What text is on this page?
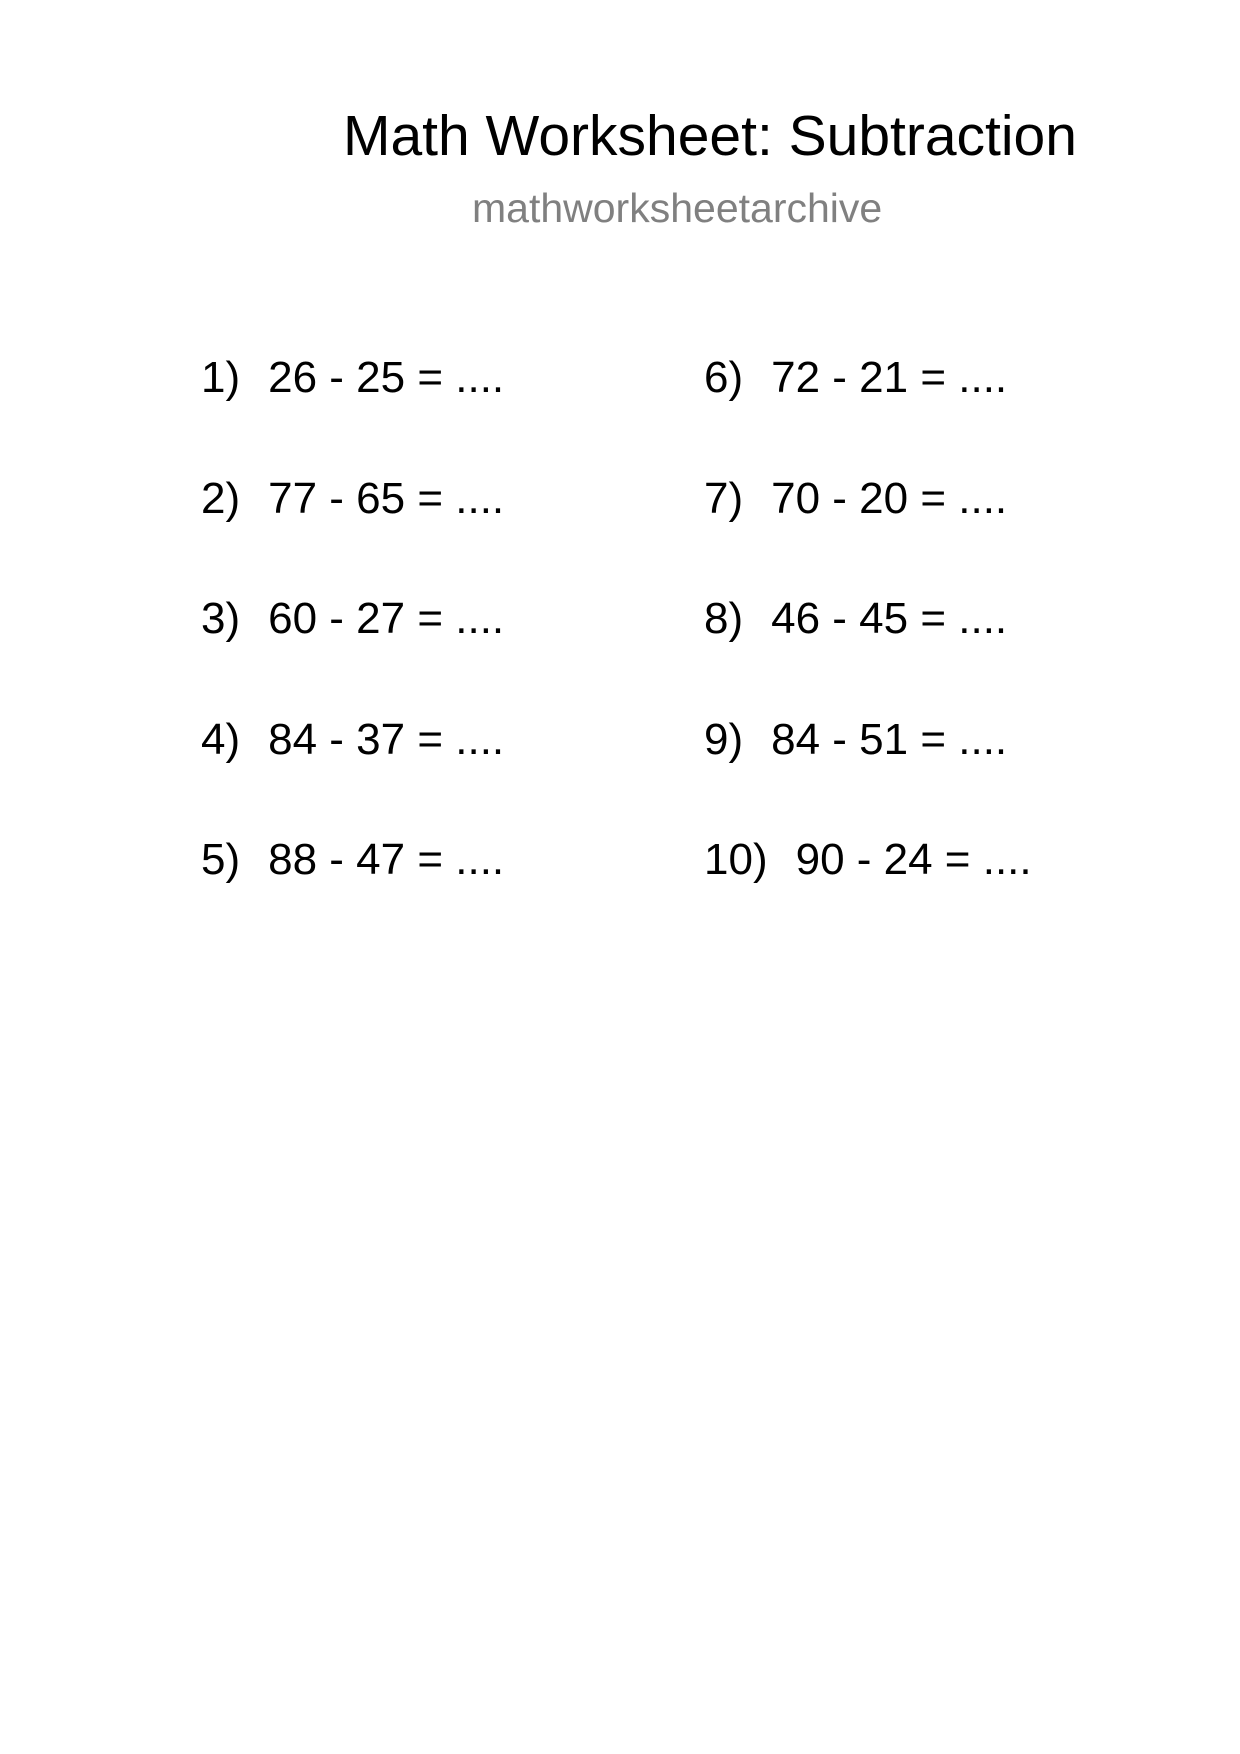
Math Worksheet: Subtraction
mathworksheetarchive
1) 26 - 25 = ....
2) 77 - 65 = ....
3) 60 - 27 = ....
4) 84 - 37 = ....
5) 88 - 47 = ....
6) 72 - 21 = ....
7) 70 - 20 = ....
8) 46 - 45 = ....
9) 84 - 51 = ....
10) 90 - 24 = ....
